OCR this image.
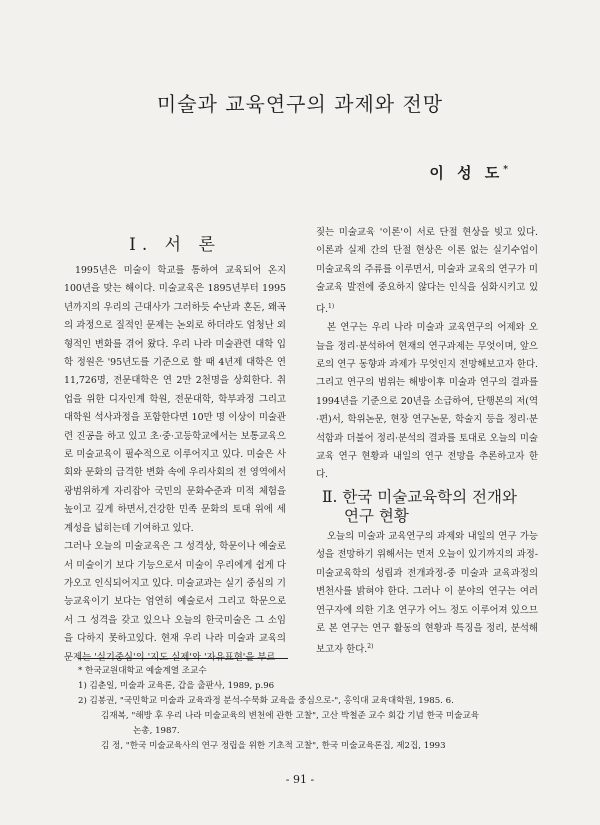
미술과 교육연구의 과제와 전망
이 성 도*
Ⅰ. 서 론

1995년은 미술이 학교를 통하여 교육되어 온지 100년을 맞는 해이다. 미술교육은 1895년부터 1995년까지의 우리의 근대사가 그러하듯 수난과 혼돈, 왜곡의 과정으로 질적인 문제는 논외로 하더라도 엄청난 외형적인 변화를 겪어 왔다. 우리 나라 미술관련 대학 입학 정원은 '95년도를 기준으로 할 때 4년제 대학은 연 11,726명, 전문대학은 연 2만 2천명을 상회한다. 취업을 위한 디자인계 학원, 전문대학, 학부과정 그리고 대학원 석사과정을 포함한다면 10만 명 이상이 미술관련 진공을 하고 있고 초·중·고등학교에서는 보통교육으로 미술교육이 필수적으로 이루어지고 있다. 미술은 사회와 문화의 급격한 변화 속에 우리사회의 전 영역에서 광범위하게 자리잡아 국민의 문화수준과 미적 체험을 높이고 깊게 하면서,건강한 민족 문화의 토대 위에 세계성을 넓히는데 기여하고 있다.

그러나 오늘의 미술교육은 그 성격상, 학문이나 예술로서 미술이기 보다 기능으로서 미술이 우리에게 쉽게 다가오고 인식되어지고 있다. 미술교과는 실기 중심의 기능교육이기 보다는 엄연히 예술로서 그리고 학문으로서 그 성격을 갖고 있으나 오늘의 한국미술은 그 소임을 다하지 못하고있다. 현재 우리 나라 미술과 교육의 문제는 '실기중심'의 '지도 실제'와 '자유표현'을 부르

짖는 미술교육 '이론'이 서로 단절 현상을 빚고 있다. 이론과 실제 간의 단절 현상은 이론 없는 실기수업이 미술교육의 주류를 이루면서, 미술과 교육의 연구가 미술교육 발전에 중요하지 않다는 인식을 심화시키고 있다.$^{1)}$

본 연구는 우리 나라 미술과 교육연구의 어제와 오늘을 정리·분석하여 현재의 연구과제는 무엇이며, 앞으로의 연구 동향과 과제가 무엇인지 전망해보고자 한다. 그리고 연구의 범위는 해방이후 미술과 연구의 결과를 1994년을 기준으로 20년을 소급하여, 단행본의 저(역·편)서, 학위논문, 현장 연구논문, 학술지 등을 정리·분석함과 더불어 정리·분석의 결과를 토대로 오늘의 미술교육 연구 현황과 내일의 연구 전망을 추론하고자 한다.

Ⅱ. 한국 미술교육학의 전개와
연구 현황

오늘의 미술과 교육연구의 과제와 내일의 연구 가능성을 전망하기 위해서는 먼저 오늘이 있기까지의 과정-미술교육학의 성립과 전개과정-중 미술과 교육과정의 변천사를 밝혀야 한다. 그러나 이 분야의 연구는 여러 연구자에 의한 기초 연구가 어느 정도 이루어져 있으므로 본 연구는 연구 활동의 현황과 특징을 정리, 분석해 보고자 한다.$^{2)}$

* 한국교원대학교 예술계열 조교수
1) 김춘일, 미술과 교육론, 갑을 출판사, 1989, p.96
2) 김봉권, "국민학교 미술과 교육과정 분석-수묵화 교육을 중심으로-", 홍익대 교육대학원, 1985. 6.
김재복, "해방 후 우리 나라 미술교육의 변천에 관한 고찰", 고산 박철준 교수 회갑 기념 한국 미술교육
논총, 1987.
김 정, "한국 미술교육사의 연구 정립을 위한 기초적 고찰", 한국 미술교육론집, 제2집, 1993
- 91 -
